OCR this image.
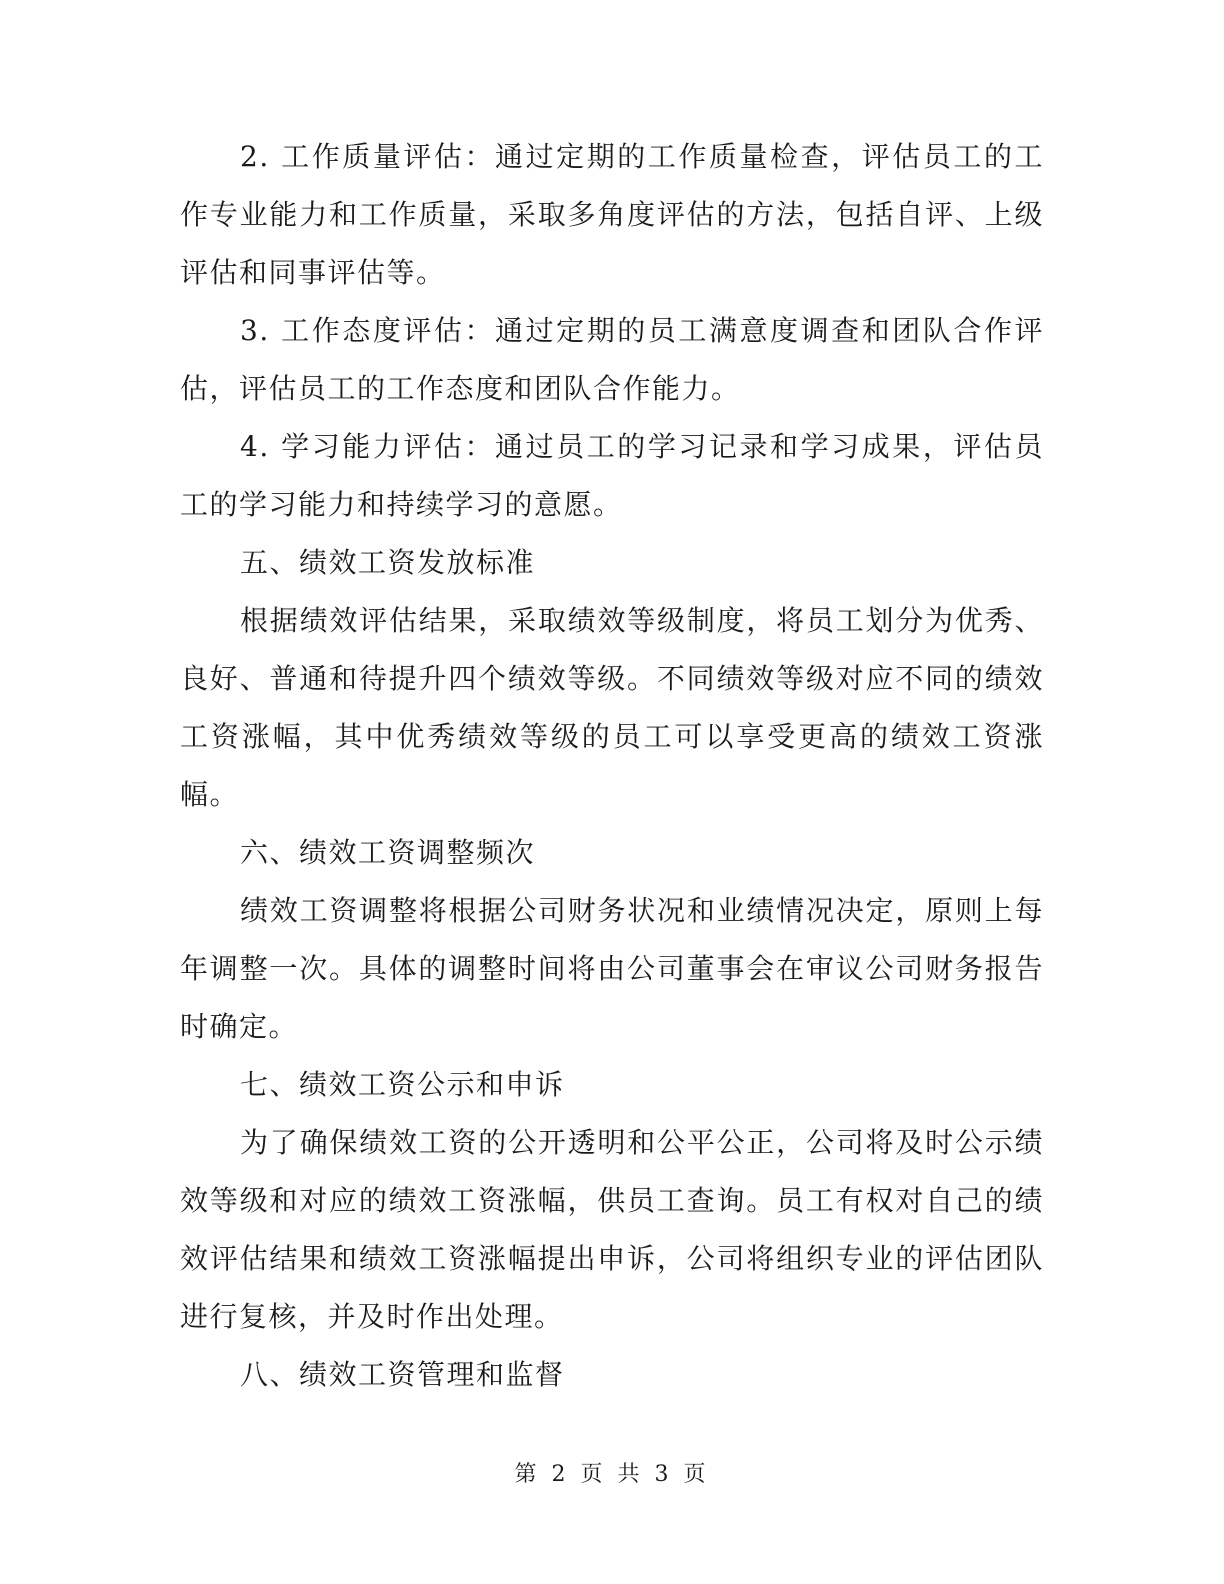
2. 工作质量评估：通过定期的工作质量检查，评估员工的工作专业能力和工作质量，采取多角度评估的方法，包括自评、上级评估和同事评估等。

3. 工作态度评估：通过定期的员工满意度调查和团队合作评估，评估员工的工作态度和团队合作能力。

4. 学习能力评估：通过员工的学习记录和学习成果，评估员工的学习能力和持续学习的意愿。

五、绩效工资发放标准

根据绩效评估结果，采取绩效等级制度，将员工划分为优秀、良好、普通和待提升四个绩效等级。不同绩效等级对应不同的绩效工资涨幅，其中优秀绩效等级的员工可以享受更高的绩效工资涨幅。

六、绩效工资调整频次

绩效工资调整将根据公司财务状况和业绩情况决定，原则上每年调整一次。具体的调整时间将由公司董事会在审议公司财务报告时确定。

七、绩效工资公示和申诉

为了确保绩效工资的公开透明和公平公正，公司将及时公示绩效等级和对应的绩效工资涨幅，供员工查询。员工有权对自己的绩效评估结果和绩效工资涨幅提出申诉，公司将组织专业的评估团队进行复核，并及时作出处理。

八、绩效工资管理和监督

第 2 页 共 3 页
